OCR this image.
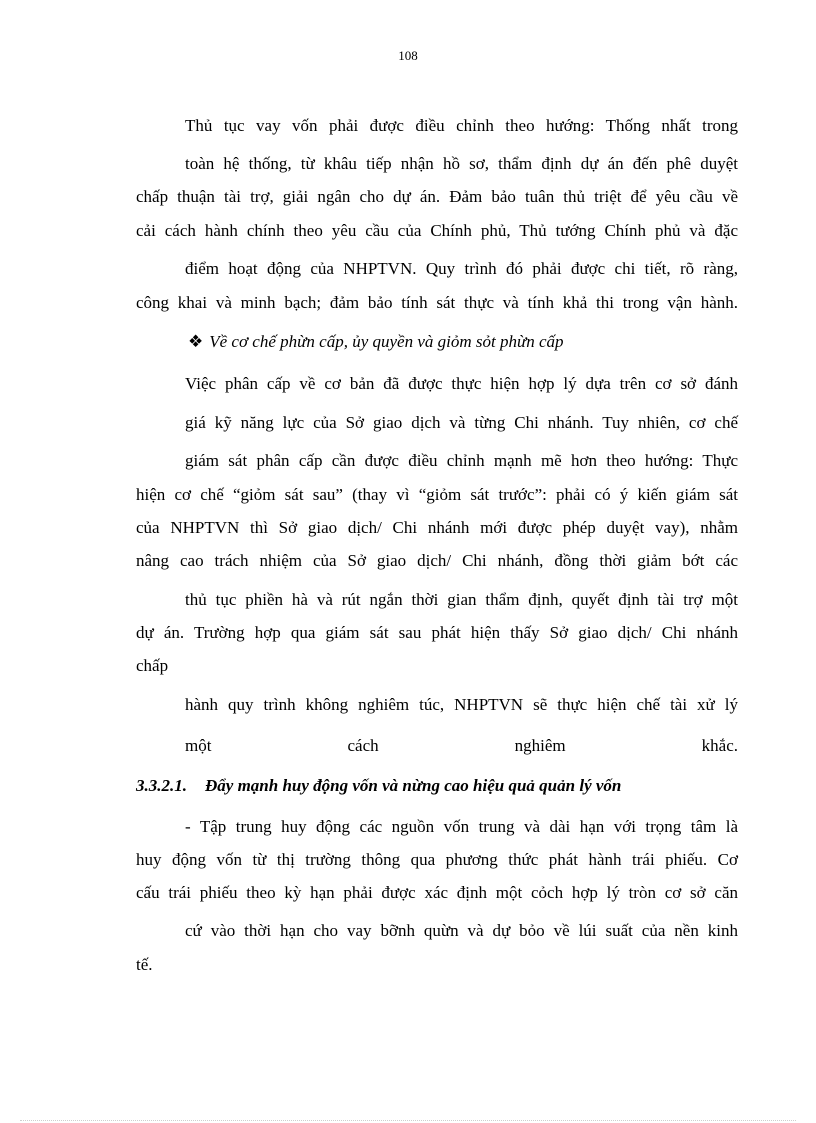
108
Thủ tục vay vốn phải được điều chỉnh theo hướng: Thống nhất trong
toàn hệ thống, từ khâu tiếp nhận hồ sơ, thẩm định dự án đến phê duyệt
chấp thuận tài trợ, giải ngân cho dự án. Đảm bảo tuân thủ triệt để yêu cầu về
cải cách hành chính theo yêu cầu của Chính phủ, Thủ tướng Chính phủ và đặc
điểm hoạt động của NHPTVN. Quy trình đó phải được chi tiết, rõ ràng,
công khai và minh bạch; đảm bảo tính sát thực và tính khả thi trong vận hành.
❖ Về cơ chế phừn cấp, ủy quyền và giỏm sỏt phừn cấp
Việc phân cấp về cơ bản đã được thực hiện hợp lý dựa trên cơ sở đánh
giá kỹ năng lực của Sở giao dịch và từng Chi nhánh. Tuy nhiên, cơ chế
giám sát phân cấp cần được điều chỉnh mạnh mẽ hơn theo hướng: Thực
hiện cơ chế “giỏm sát sau” (thay vì “giỏm sát trước”: phải có ý kiến giám sát
của NHPTVN thì Sở giao dịch/ Chi nhánh mới được phép duyệt vay), nhằm
nâng cao trách nhiệm của Sở giao dịch/ Chi nhánh, đồng thời giảm bớt các
thủ tục phiền hà và rút ngắn thời gian thẩm định, quyết định tài trợ một
dự án. Trường hợp qua giám sát sau phát hiện thấy Sở giao dịch/ Chi nhánh
chấp
hành quy trình không nghiêm túc, NHPTVN sẽ thực hiện chế tài xử lý
một cách nghiêm khắc.
3.3.2.1. Đẩy mạnh huy động vốn và nừng cao hiệu quả quản lý vốn
- Tập trung huy động các nguồn vốn trung và dài hạn với trọng tâm là
huy động vốn từ thị trường thông qua phương thức phát hành trái phiếu. Cơ
cấu trái phiếu theo kỳ hạn phải được xác định một cỏch hợp lý tròn cơ sở căn
cứ vào thời hạn cho vay bỡnh quừn và dự bỏo về lúi suất của nền kinh
tế.
